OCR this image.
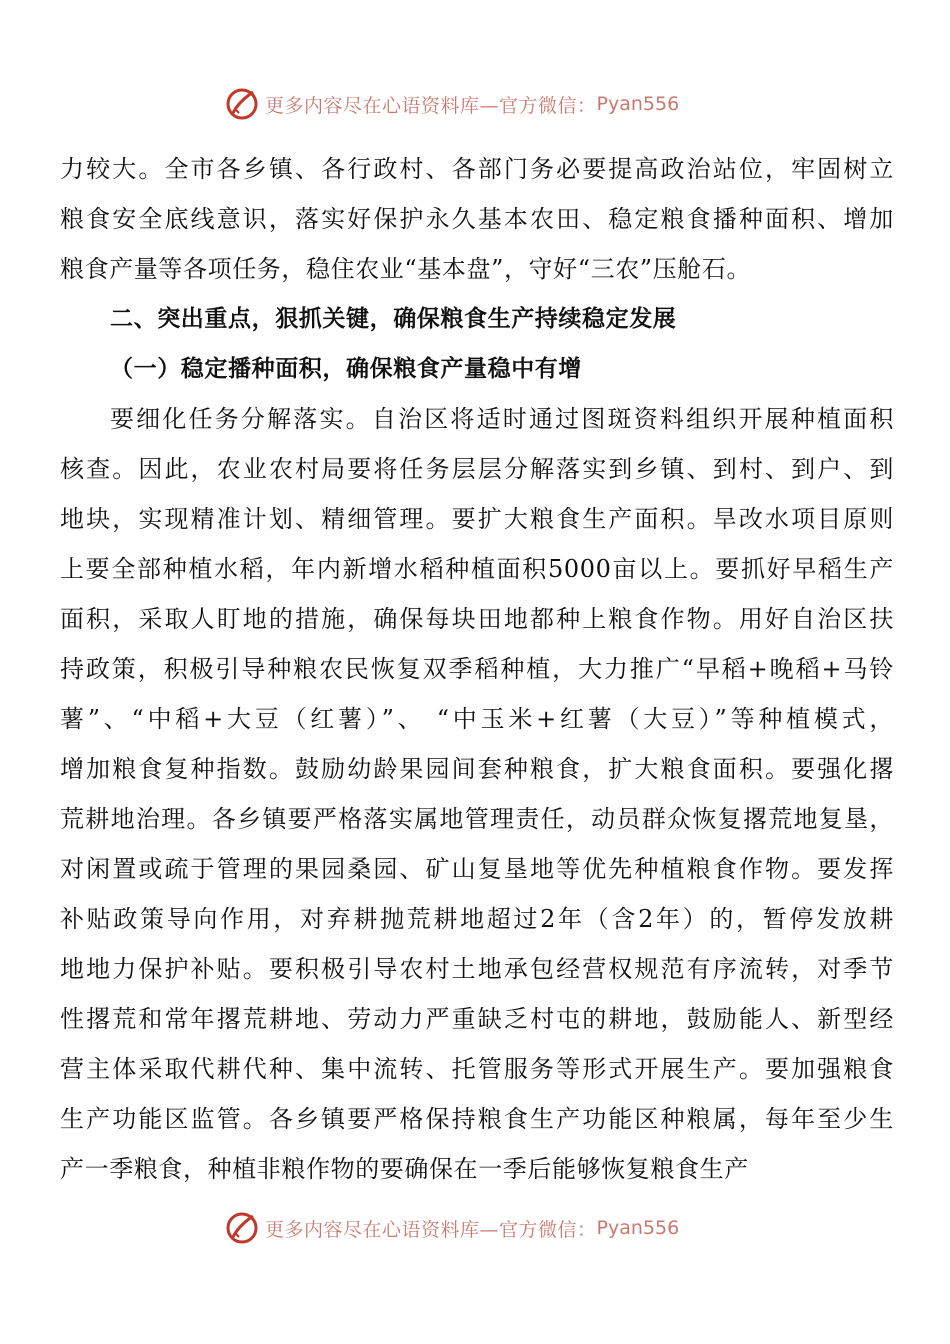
更多内容尽在心语资料库—官方微信： Pyan556
力较大。全市各乡镇、各行政村、各部门务必要提高政治站位，牢固树立
粮食安全底线意识，落实好保护永久基本农田、稳定粮食播种面积、增加
粮食产量等各项任务，稳住农业“基本盘”，守好“三农”压舱石。
二、突出重点，狠抓关键，确保粮食生产持续稳定发展
（一）稳定播种面积，确保粮食产量稳中有增
要细化任务分解落实。自治区将适时通过图斑资料组织开展种植面积
核查。因此，农业农村局要将任务层层分解落实到乡镇、到村、到户、到
地块，实现精准计划、精细管理。要扩大粮食生产面积。旱改水项目原则
上要全部种植水稻，年内新增水稻种植面积5000亩以上。要抓好早稻生产
面积，采取人盯地的措施，确保每块田地都种上粮食作物。用好自治区扶
持政策，积极引导种粮农民恢复双季稻种植，大力推广“早稻+晚稻+马铃
薯”、“中稻+大豆（红薯）”、 “中玉米+红薯（大豆）”等种植模式，
增加粮食复种指数。鼓励幼龄果园间套种粮食，扩大粮食面积。要强化撂
荒耕地治理。各乡镇要严格落实属地管理责任，动员群众恢复撂荒地复垦，
对闲置或疏于管理的果园桑园、矿山复垦地等优先种植粮食作物。要发挥
补贴政策导向作用，对弃耕抛荒耕地超过2年（含2年）的，暂停发放耕
地地力保护补贴。要积极引导农村土地承包经营权规范有序流转，对季节
性撂荒和常年撂荒耕地、劳动力严重缺乏村屯的耕地，鼓励能人、新型经
营主体采取代耕代种、集中流转、托管服务等形式开展生产。要加强粮食
生产功能区监管。各乡镇要严格保持粮食生产功能区种粮属，每年至少生
产一季粮食，种植非粮作物的要确保在一季后能够恢复粮食生产
更多内容尽在心语资料库—官方微信： Pyan556
